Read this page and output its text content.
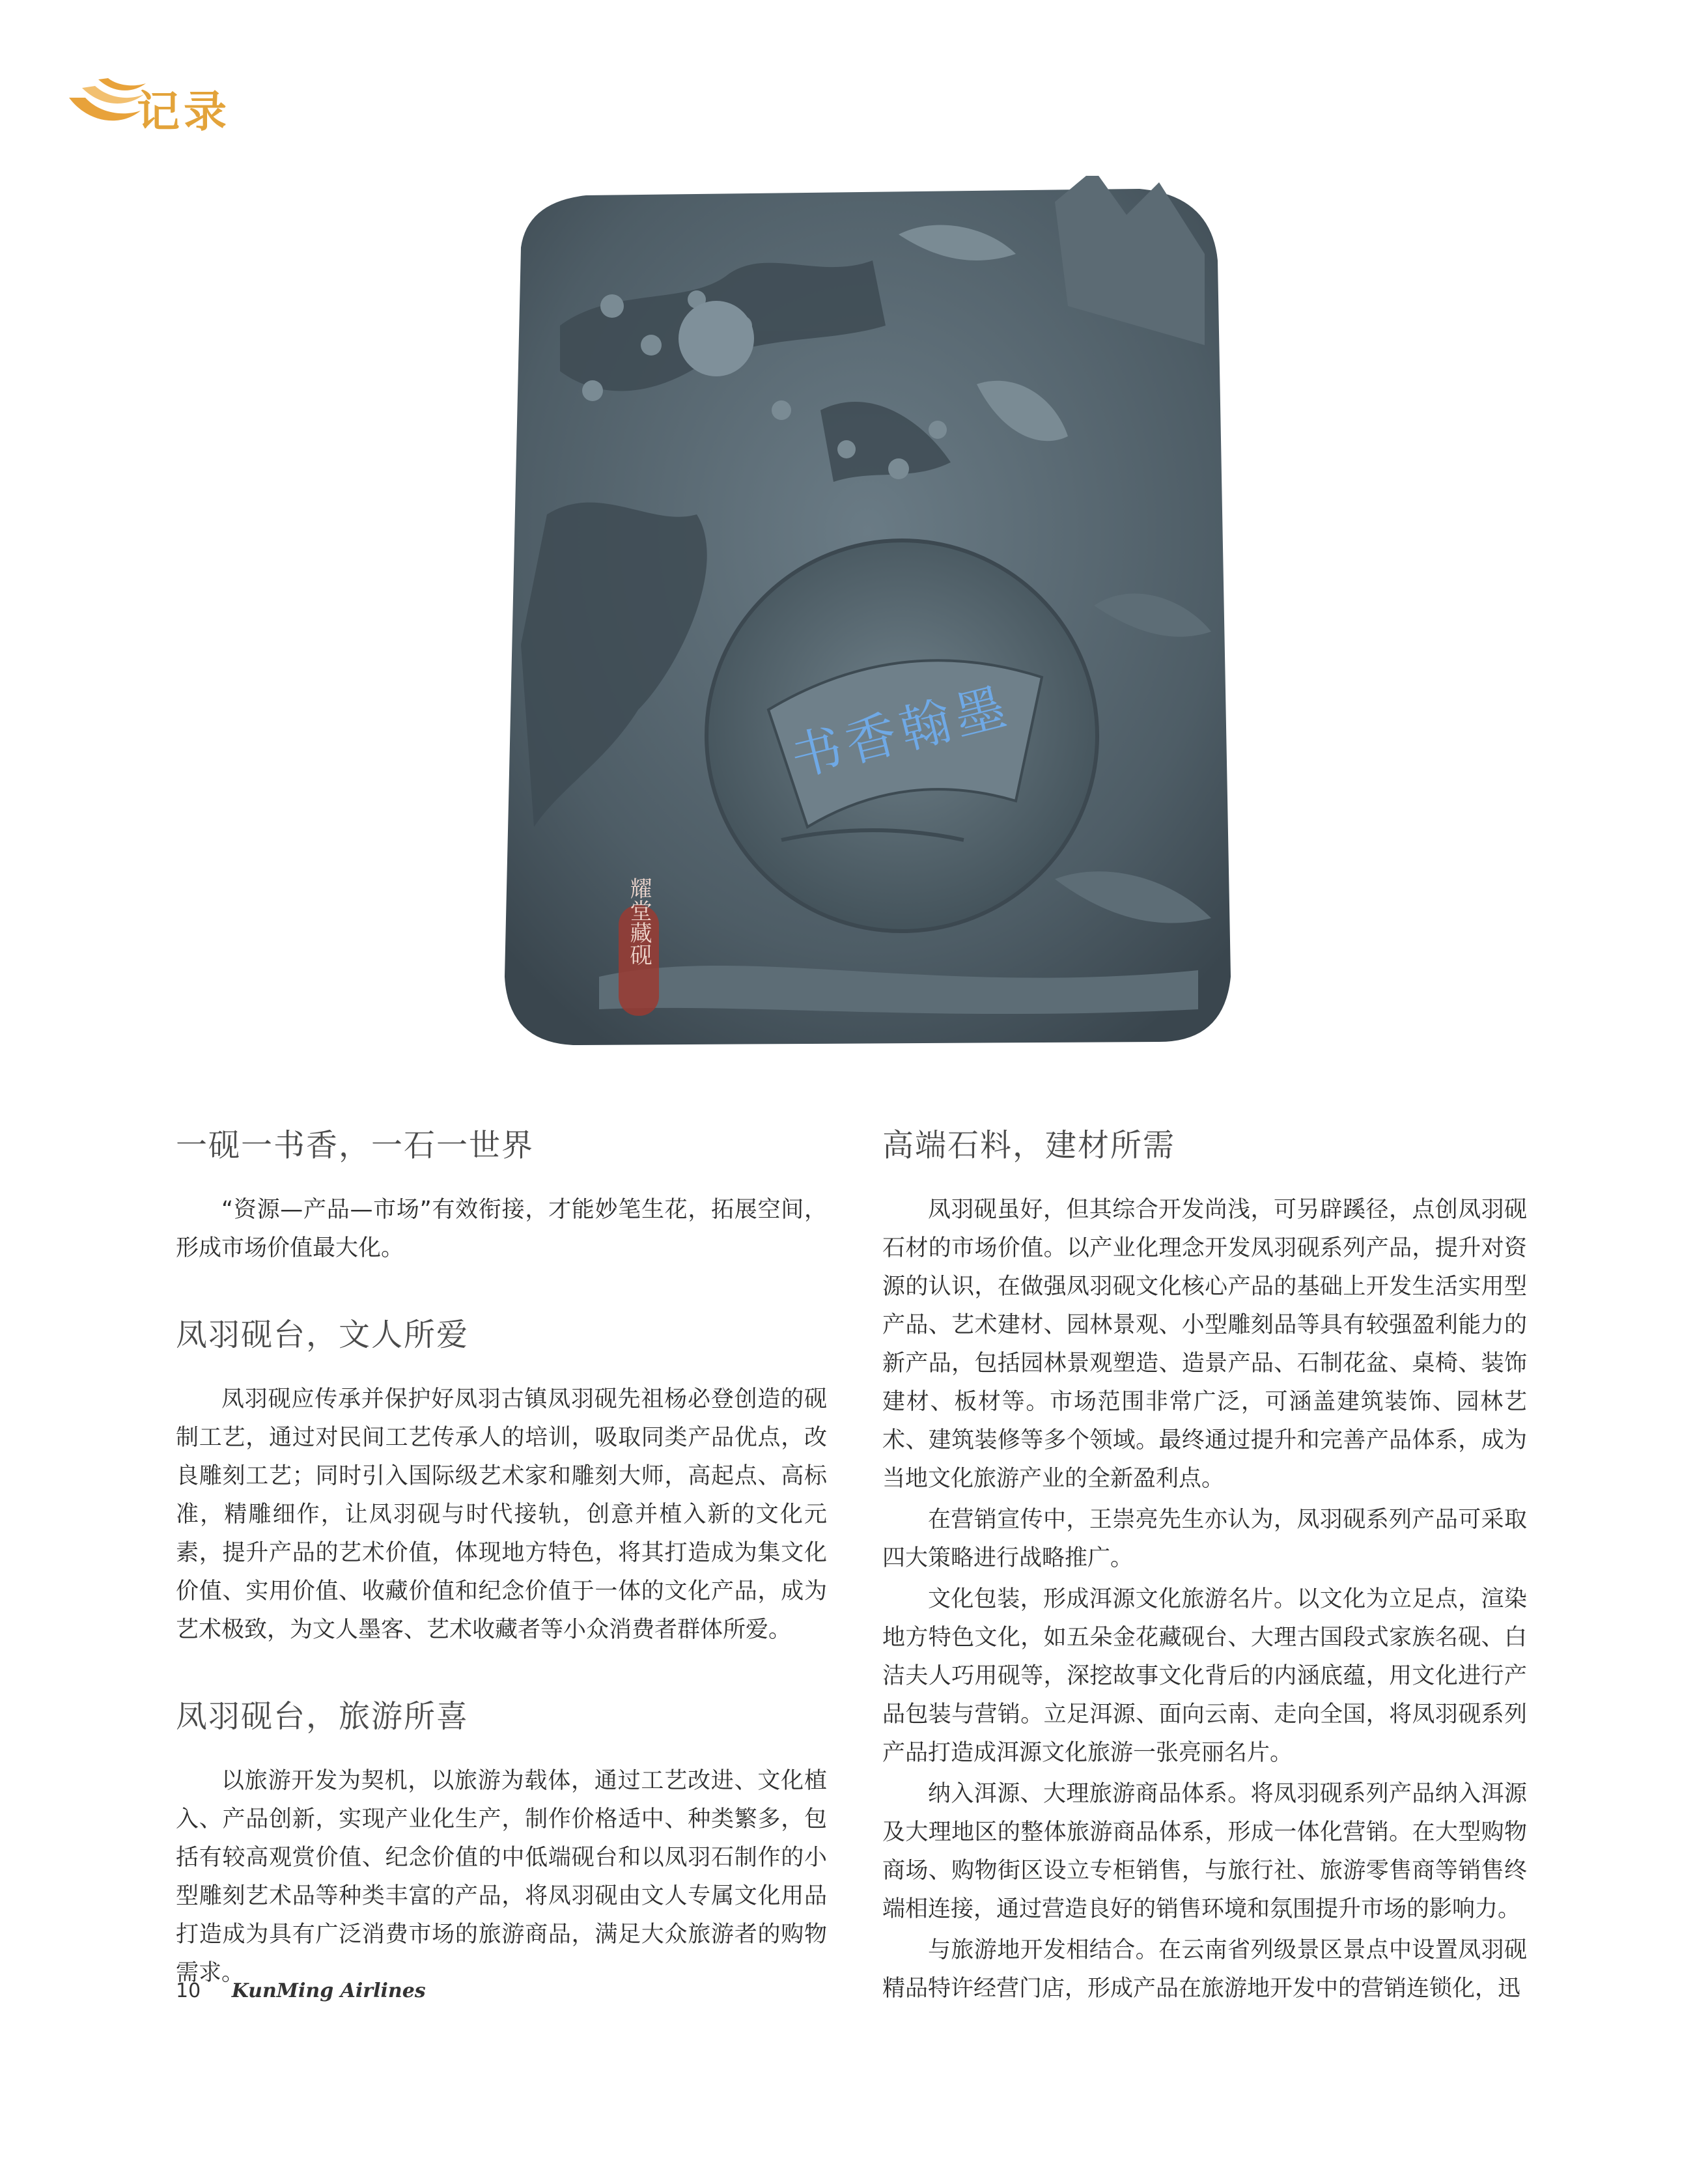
记录
书香翰墨
耀堂藏砚
一砚一书香，一石一世界

“资源—产品—市场”有效衔接，才能妙笔生花，拓展空间，形成市场价值最大化。

凤羽砚台，文人所爱

凤羽砚应传承并保护好凤羽古镇凤羽砚先祖杨必登创造的砚制工艺，通过对民间工艺传承人的培训，吸取同类产品优点，改良雕刻工艺；同时引入国际级艺术家和雕刻大师，高起点、高标准，精雕细作，让凤羽砚与时代接轨，创意并植入新的文化元素，提升产品的艺术价值，体现地方特色，将其打造成为集文化价值、实用价值、收藏价值和纪念价值于一体的文化产品，成为艺术极致，为文人墨客、艺术收藏者等小众消费者群体所爱。

凤羽砚台，旅游所喜

以旅游开发为契机，以旅游为载体，通过工艺改进、文化植入、产品创新，实现产业化生产，制作价格适中、种类繁多，包括有较高观赏价值、纪念价值的中低端砚台和以凤羽石制作的小型雕刻艺术品等种类丰富的产品，将凤羽砚由文人专属文化用品打造成为具有广泛消费市场的旅游商品，满足大众旅游者的购物需求。

高端石料，建材所需

凤羽砚虽好，但其综合开发尚浅，可另辟蹊径，点创凤羽砚石材的市场价值。以产业化理念开发凤羽砚系列产品，提升对资源的认识，在做强凤羽砚文化核心产品的基础上开发生活实用型产品、艺术建材、园林景观、小型雕刻品等具有较强盈利能力的新产品，包括园林景观塑造、造景产品、石制花盆、桌椅、装饰建材、板材等。市场范围非常广泛，可涵盖建筑装饰、园林艺术、建筑装修等多个领域。最终通过提升和完善产品体系，成为当地文化旅游产业的全新盈利点。

在营销宣传中，王崇亮先生亦认为，凤羽砚系列产品可采取四大策略进行战略推广。

文化包装，形成洱源文化旅游名片。以文化为立足点，渲染地方特色文化，如五朵金花藏砚台、大理古国段式家族名砚、白洁夫人巧用砚等，深挖故事文化背后的内涵底蕴，用文化进行产品包装与营销。立足洱源、面向云南、走向全国，将凤羽砚系列产品打造成洱源文化旅游一张亮丽名片。

纳入洱源、大理旅游商品体系。将凤羽砚系列产品纳入洱源及大理地区的整体旅游商品体系，形成一体化营销。在大型购物商场、购物街区设立专柜销售，与旅行社、旅游零售商等销售终端相连接，通过营造良好的销售环境和氛围提升市场的影响力。

与旅游地开发相结合。在云南省列级景区景点中设置凤羽砚精品特许经营门店，形成产品在旅游地开发中的营销连锁化，迅

10 KunMing Airlines
